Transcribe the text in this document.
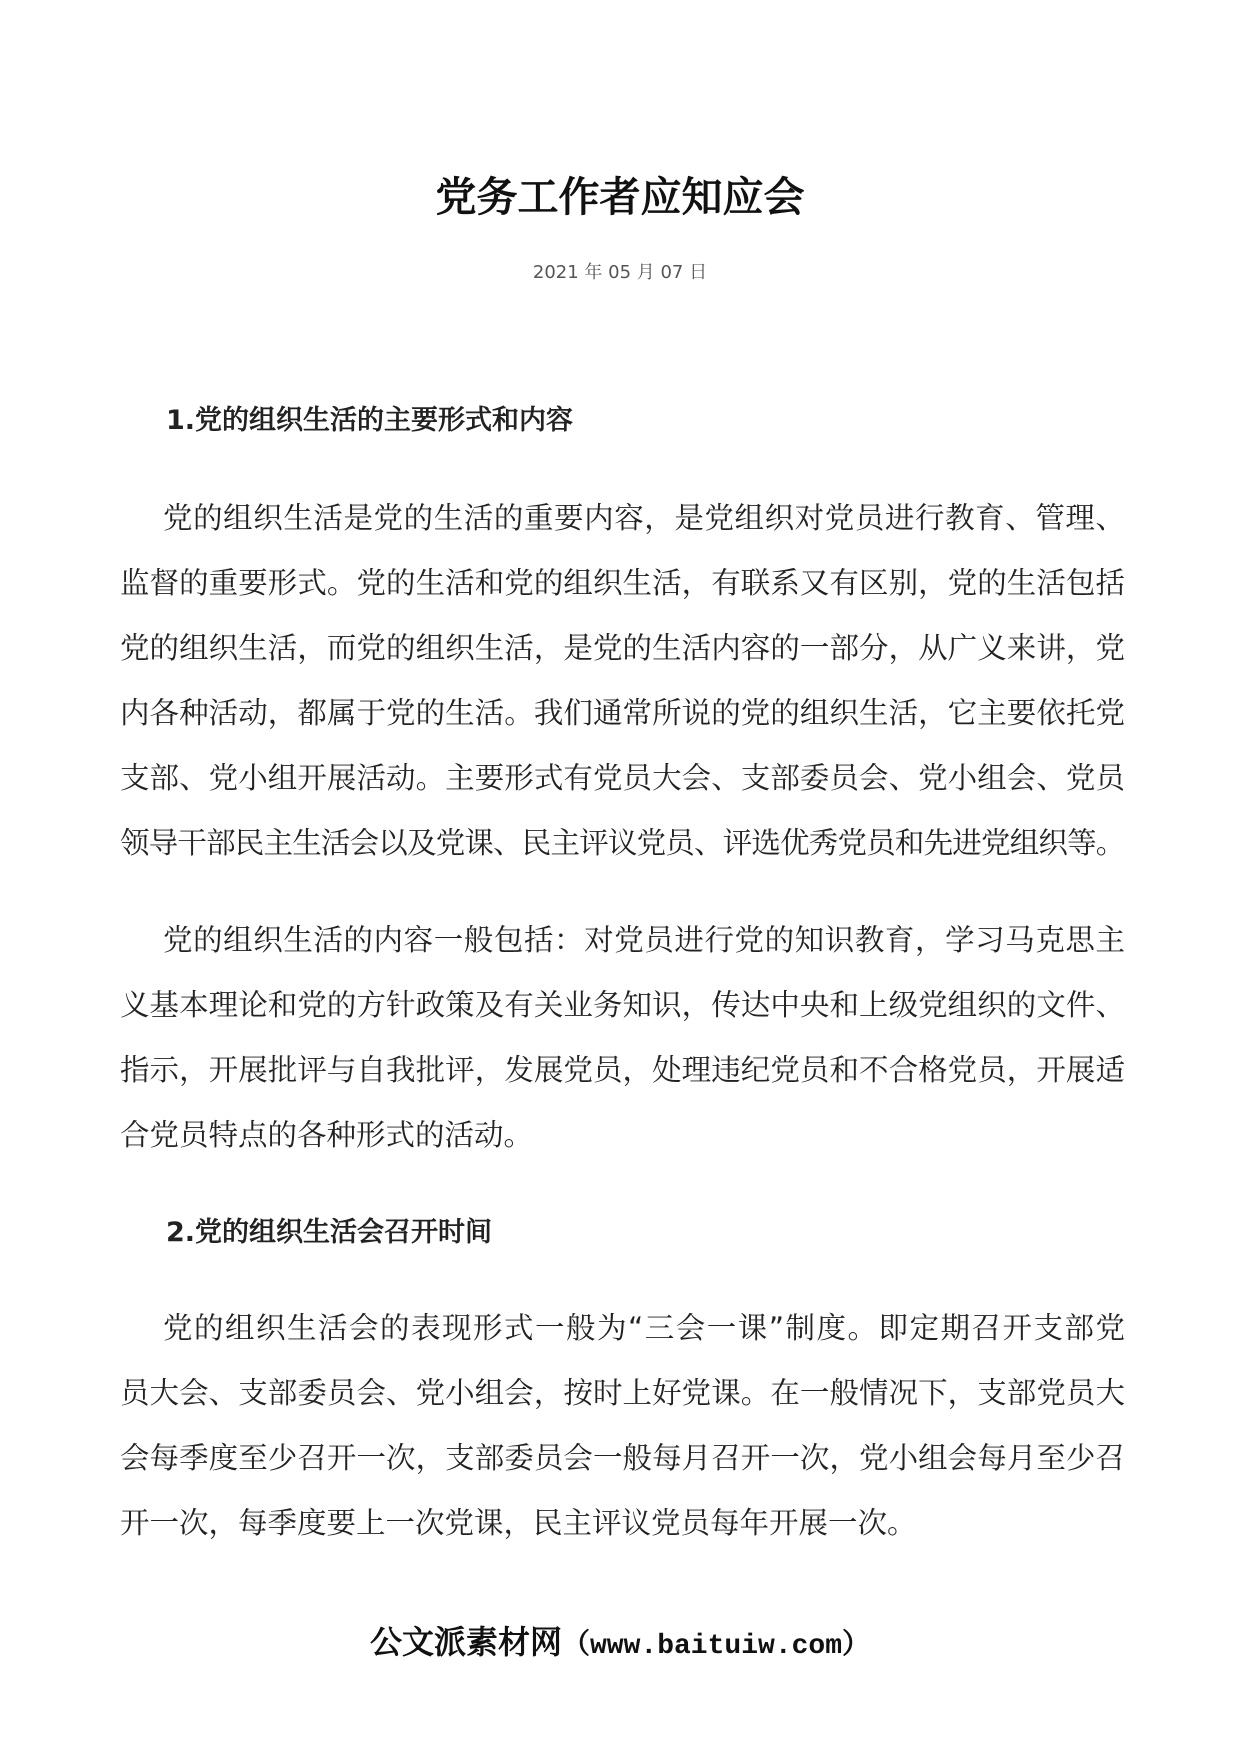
党务工作者应知应会
2021 年 05 月 07 日
1.党的组织生活的主要形式和内容
党的组织生活是党的生活的重要内容，是党组织对党员进行教育、管理、
监督的重要形式。党的生活和党的组织生活，有联系又有区别，党的生活包括
党的组织生活，而党的组织生活，是党的生活内容的一部分，从广义来讲，党
内各种活动，都属于党的生活。我们通常所说的党的组织生活，它主要依托党
支部、党小组开展活动。主要形式有党员大会、支部委员会、党小组会、党员
领导干部民主生活会以及党课、民主评议党员、评选优秀党员和先进党组织等。
党的组织生活的内容一般包括：对党员进行党的知识教育，学习马克思主
义基本理论和党的方针政策及有关业务知识，传达中央和上级党组织的文件、
指示，开展批评与自我批评，发展党员，处理违纪党员和不合格党员，开展适
合党员特点的各种形式的活动。
2.党的组织生活会召开时间
党的组织生活会的表现形式一般为“三会一课”制度。即定期召开支部党
员大会、支部委员会、党小组会，按时上好党课。在一般情况下，支部党员大
会每季度至少召开一次，支部委员会一般每月召开一次，党小组会每月至少召
开一次，每季度要上一次党课，民主评议党员每年开展一次。
公文派素材网（www.baituiw.com）
